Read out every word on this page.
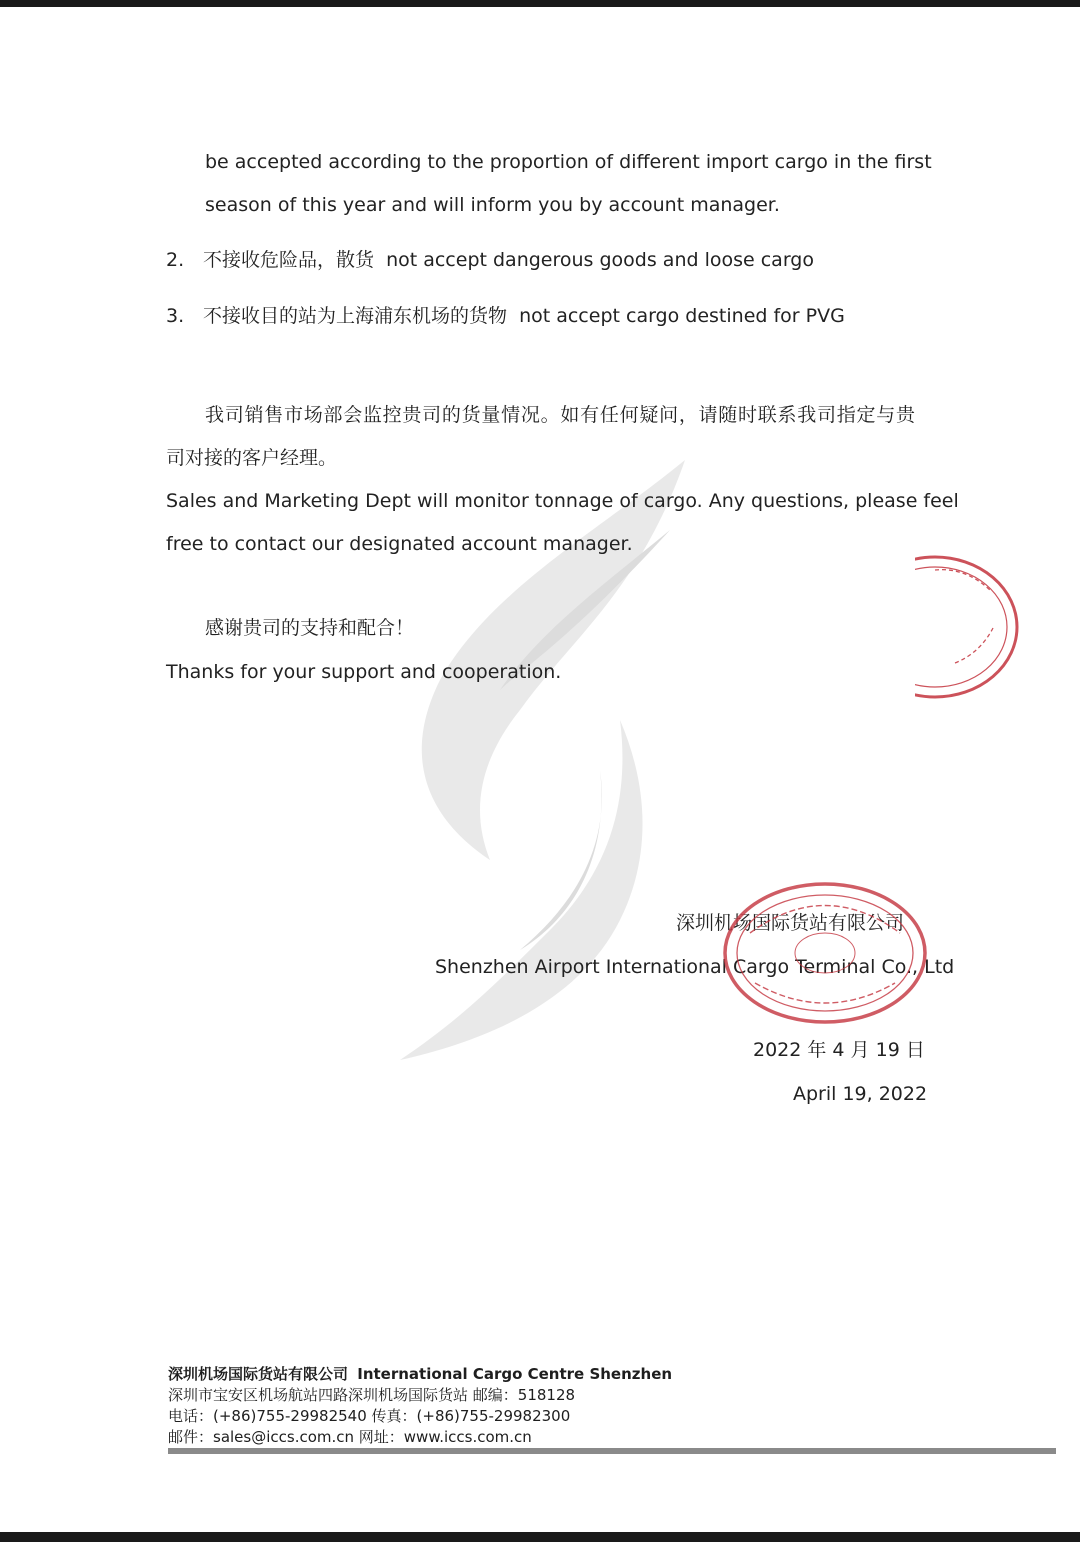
be accepted according to the proportion of different import cargo in the first
season of this year and will inform you by account manager.
2. 不接收危险品，散货 not accept dangerous goods and loose cargo
3. 不接收目的站为上海浦东机场的货物 not accept cargo destined for PVG
我司销售市场部会监控贵司的货量情况。如有任何疑问，请随时联系我司指定与贵
司对接的客户经理。
Sales and Marketing Dept will monitor tonnage of cargo. Any questions, please feel
free to contact our designated account manager.
感谢贵司的支持和配合！
Thanks for your support and cooperation.
深圳机场国际货站有限公司
Shenzhen Airport International Cargo Terminal Co., Ltd
2022 年 4 月 19 日
April 19, 2022
深圳机场国际货站有限公司 International Cargo Centre Shenzhen
深圳市宝安区机场航站四路深圳机场国际货站 邮编：518128
电话：(+86)755-29982540 传真：(+86)755-29982300
邮件：sales@iccs.com.cn 网址：www.iccs.com.cn
